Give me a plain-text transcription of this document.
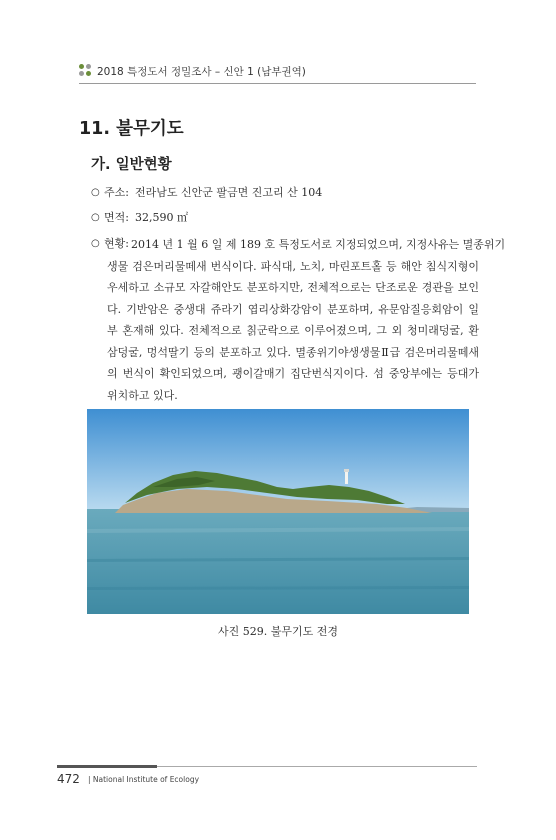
2018 특정도서 정밀조사 – 신안 1 (남부권역)
11. 불무기도
가. 일반현황
○ 주소: 전라남도 신안군 팔금면 진고리 산 104
○ 면적: 32,590 ㎡
○ 현황: 2014 년 1 월 6 일 제 189 호 특정도서로 지정되었으며, 지정사유는 멸종위기
생물 검은머리물떼새 번식이다. 파식대, 노치, 마린포트홀 등 해안 침식지형이
우세하고 소규모 자갈해안도 분포하지만, 전체적으로는 단조로운 경관을 보인
다. 기반암은 중생대 쥬라기 엽리상화강암이 분포하며, 유문암질응회암이 일
부 혼재해 있다. 전체적으로 칡군락으로 이루어졌으며, 그 외 청미래덩굴, 환
삼덩굴, 멍석딸기 등의 분포하고 있다. 멸종위기야생생물Ⅱ급 검은머리물떼새
의 번식이 확인되었으며, 괭이갈매기 집단번식지이다. 섬 중앙부에는 등대가
위치하고 있다.
사진 529. 불무기도 전경
472 | National Institute of Ecology
